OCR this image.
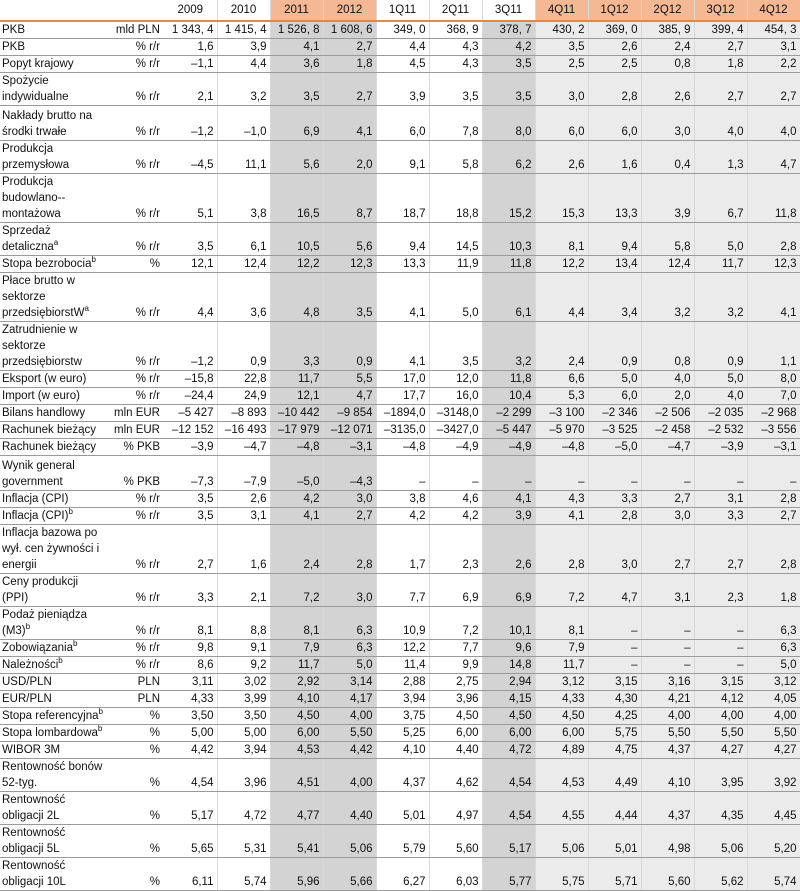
		2009	2010	2011	2012	1Q11	2Q11	3Q11	4Q11	1Q12	2Q12	3Q12	4Q12
PKB	mld PLN	1 343, 4	1 415, 4	1 526, 8	1 608, 6	349, 0	368, 9	378, 7	430, 2	369, 0	385, 9	399, 4	454, 3
PKB	% r/r	1,6	3,9	4,1	2,7	4,4	4,3	4,2	3,5	2,6	2,4	2,7	3,1
Popyt krajowy	% r/r	–1,1	4,4	3,6	1,8	4,5	4,3	3,5	2,5	2,5	0,8	1,8	2,2
Spożycie indywidualne	% r/r	2,1	3,2	3,5	2,7	3,9	3,5	3,5	3,0	2,8	2,6	2,7	2,7
Nakłady brutto na środki trwałe	% r/r	–1,2	–1,0	6,9	4,1	6,0	7,8	8,0	6,0	6,0	3,0	4,0	4,0
Produkcja przemysłowa	% r/r	–4,5	11,1	5,6	2,0	9,1	5,8	6,2	2,6	1,6	0,4	1,3	4,7
Produkcja budowlano--montażowa	% r/r	5,1	3,8	16,5	8,7	18,7	18,8	15,2	15,3	13,3	3,9	6,7	11,8
Sprzedaż detaliczna$^a$	% r/r	3,5	6,1	10,5	5,6	9,4	14,5	10,3	8,1	9,4	5,8	5,0	2,8
Stopa bezrobocia$^b$	%	12,1	12,4	12,2	12,3	13,3	11,9	11,8	12,2	13,4	12,4	11,7	12,3
Płace brutto w sektorze przedsiębiorstW$^a$	% r/r	4,4	3,6	4,8	3,5	4,1	5,0	6,1	4,4	3,4	3,2	3,2	4,1
Zatrudnienie w sektorze przedsiębiorstw	% r/r	–1,2	0,9	3,3	0,9	4,1	3,5	3,2	2,4	0,9	0,8	0,9	1,1
Eksport (w euro)	% r/r	–15,8	22,8	11,7	5,5	17,0	12,0	11,8	6,6	5,0	4,0	5,0	8,0
Import (w euro)	% r/r	–24,4	24,9	12,1	4,7	17,7	16,0	10,4	5,3	6,0	2,0	4,0	7,0
Bilans handlowy	mln EUR	–5 427	–8 893	–10 442	–9 854	–1894,0	–3148,0	–2 299	–3 100	–2 346	–2 506	–2 035	–2 968
Rachunek bieżący	mln EUR	–12 152	–16 493	–17 979	–12 071	–3135,0	–3427,0	–5 447	–5 970	–3 525	–2 458	–2 532	–3 556
Rachunek bieżący	% PKB	–3,9	–4,7	–4,8	–3,1	–4,8	–4,9	–4,9	–4,8	–5,0	–4,7	–3,9	–3,1
Wynik general government	% PKB	–7,3	–7,9	–5,0	–4,3	–	–	–	–	–	–	–	–
Inflacja (CPI)	% r/r	3,5	2,6	4,2	3,0	3,8	4,6	4,1	4,3	3,3	2,7	3,1	2,8
Inflacja (CPI)$^b$	% r/r	3,5	3,1	4,1	2,7	4,2	4,2	3,9	4,1	2,8	3,0	3,3	2,7
Inflacja bazowa po wył. cen żywności i energii	% r/r	2,7	1,6	2,4	2,8	1,7	2,3	2,6	2,8	3,0	2,7	2,7	2,8
Ceny produkcji (PPI)	% r/r	3,3	2,1	7,2	3,0	7,7	6,9	6,9	7,2	4,7	3,1	2,3	1,8
Podaż pieniądza $(M3)^b$	% r/r	8,1	8,8	8,1	6,3	10,9	7,2	10,1	8,1	–	–	–	6,3
Zobowiązania$^b$	% r/r	9,8	9,1	7,9	6,3	12,2	7,7	9,6	7,9	–	–	–	6,3
Należności$^b$	% r/r	8,6	9,2	11,7	5,0	11,4	9,9	14,8	11,7	–	–	–	5,0
USD/PLN	PLN	3,11	3,02	2,92	3,14	2,88	2,75	2,94	3,12	3,15	3,16	3,15	3,12
EUR/PLN	PLN	4,33	3,99	4,10	4,17	3,94	3,96	4,15	4,33	4,30	4,21	4,12	4,05
Stopa referencyjna$^b$	%	3,50	3,50	4,50	4,00	3,75	4,50	4,50	4,50	4,25	4,00	4,00	4,00
Stopa lombardowa$^b$	%	5,00	5,00	6,00	5,50	5,25	6,00	6,00	6,00	5,75	5,50	5,50	5,50
WIBOR 3M	%	4,42	3,94	4,53	4,42	4,10	4,40	4,72	4,89	4,75	4,37	4,27	4,27
Rentowność bonów 52-tyg.	%	4,54	3,96	4,51	4,00	4,37	4,62	4,54	4,53	4,49	4,10	3,95	3,92
Rentowność obligacji 2L	%	5,17	4,72	4,77	4,40	5,01	4,97	4,54	4,55	4,44	4,37	4,35	4,45
Rentowność obligacji 5L	%	5,65	5,31	5,41	5,06	5,79	5,60	5,17	5,06	5,01	4,98	5,06	5,20
Rentowność obligacji 10L	%	6,11	5,74	5,96	5,66	6,27	6,03	5,77	5,75	5,71	5,60	5,62	5,74
